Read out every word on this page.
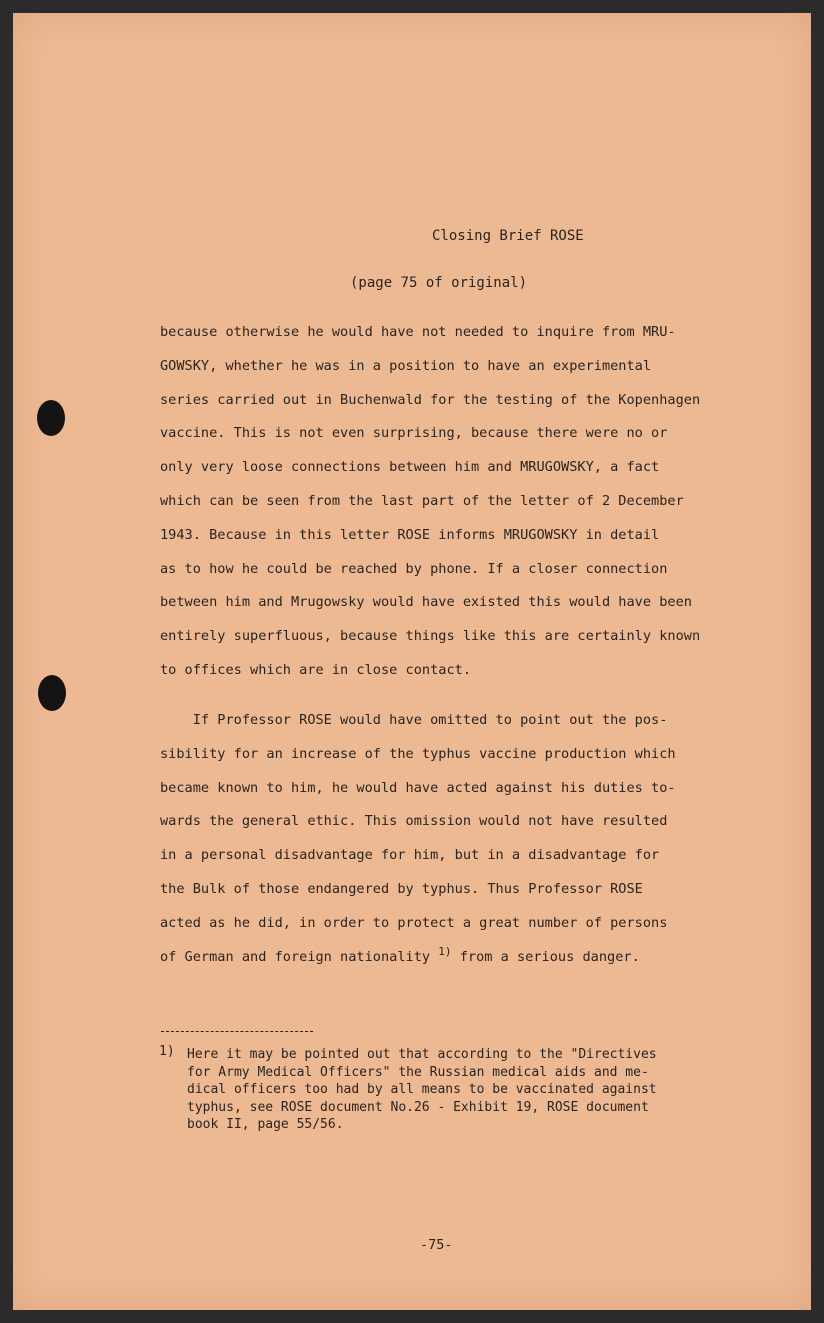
Closing Brief ROSE
(page 75 of original)
because otherwise he would have not needed to inquire from MRU-
GOWSKY, whether he was in a position to have an experimental
series carried out in Buchenwald for the testing of the Kopenhagen
vaccine. This is not even surprising, because there were no or
only very loose connections between him and MRUGOWSKY, a fact
which can be seen from the last part of the letter of 2 December
1943. Because in this letter ROSE informs MRUGOWSKY in detail
as to how he could be reached by phone. If a closer connection
between him and Mrugowsky would have existed this would have been
entirely superfluous, because things like this are certainly known
to offices which are in close contact.
If Professor ROSE would have omitted to point out the pos-
sibility for an increase of the typhus vaccine production which
became known to him, he would have acted against his duties to-
wards the general ethic. This omission would not have resulted
in a personal disadvantage for him, but in a disadvantage for
the Bulk of those endangered by typhus. Thus Professor ROSE
acted as he did, in order to protect a great number of persons
of German and foreign nationality $^{1)}$ from a serious danger.
1) Here it may be pointed out that according to the "Directives
for Army Medical Officers" the Russian medical aids and me-
dical officers too had by all means to be vaccinated against
typhus, see ROSE document No.26 - Exhibit 19, ROSE document
book II, page 55/56.
-75-
